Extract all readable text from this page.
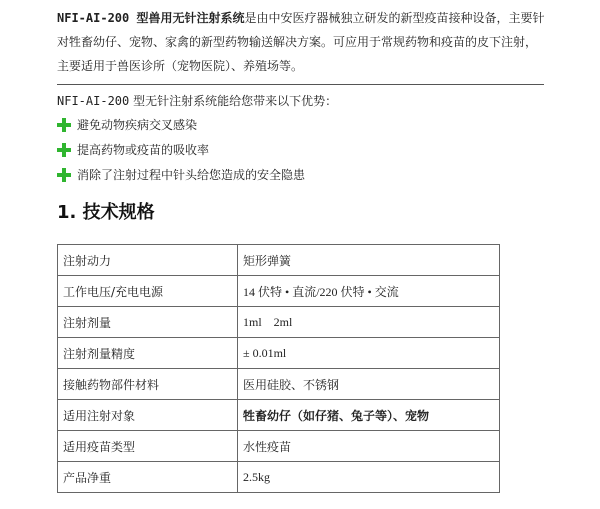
NFI-AI-200 型兽用无针注射系统是由中安医疗器械独立研发的新型疫苗接种设备，主要针
对牲畜幼仔、宠物、家禽的新型药物输送解决方案。可应用于常规药物和疫苗的皮下注射，
主要适用于兽医诊所（宠物医院）、养殖场等。
NFI-AI-200 型无针注射系统能给您带来以下优势：
避免动物疾病交叉感染
提高药物或疫苗的吸收率
消除了注射过程中针头给您造成的安全隐患
1. 技术规格
注射动力	矩形弹簧
工作电压/充电电源	14 伏特 • 直流/220 伏特 • 交流
注射剂量	1ml    2ml
注射剂量精度	± 0.01ml
接触药物部件材料	医用硅胶、不锈钢
适用注射对象	牲畜幼仔（如仔猪、兔子等）、宠物
适用疫苗类型	水性疫苗
产品净重	2.5kg
